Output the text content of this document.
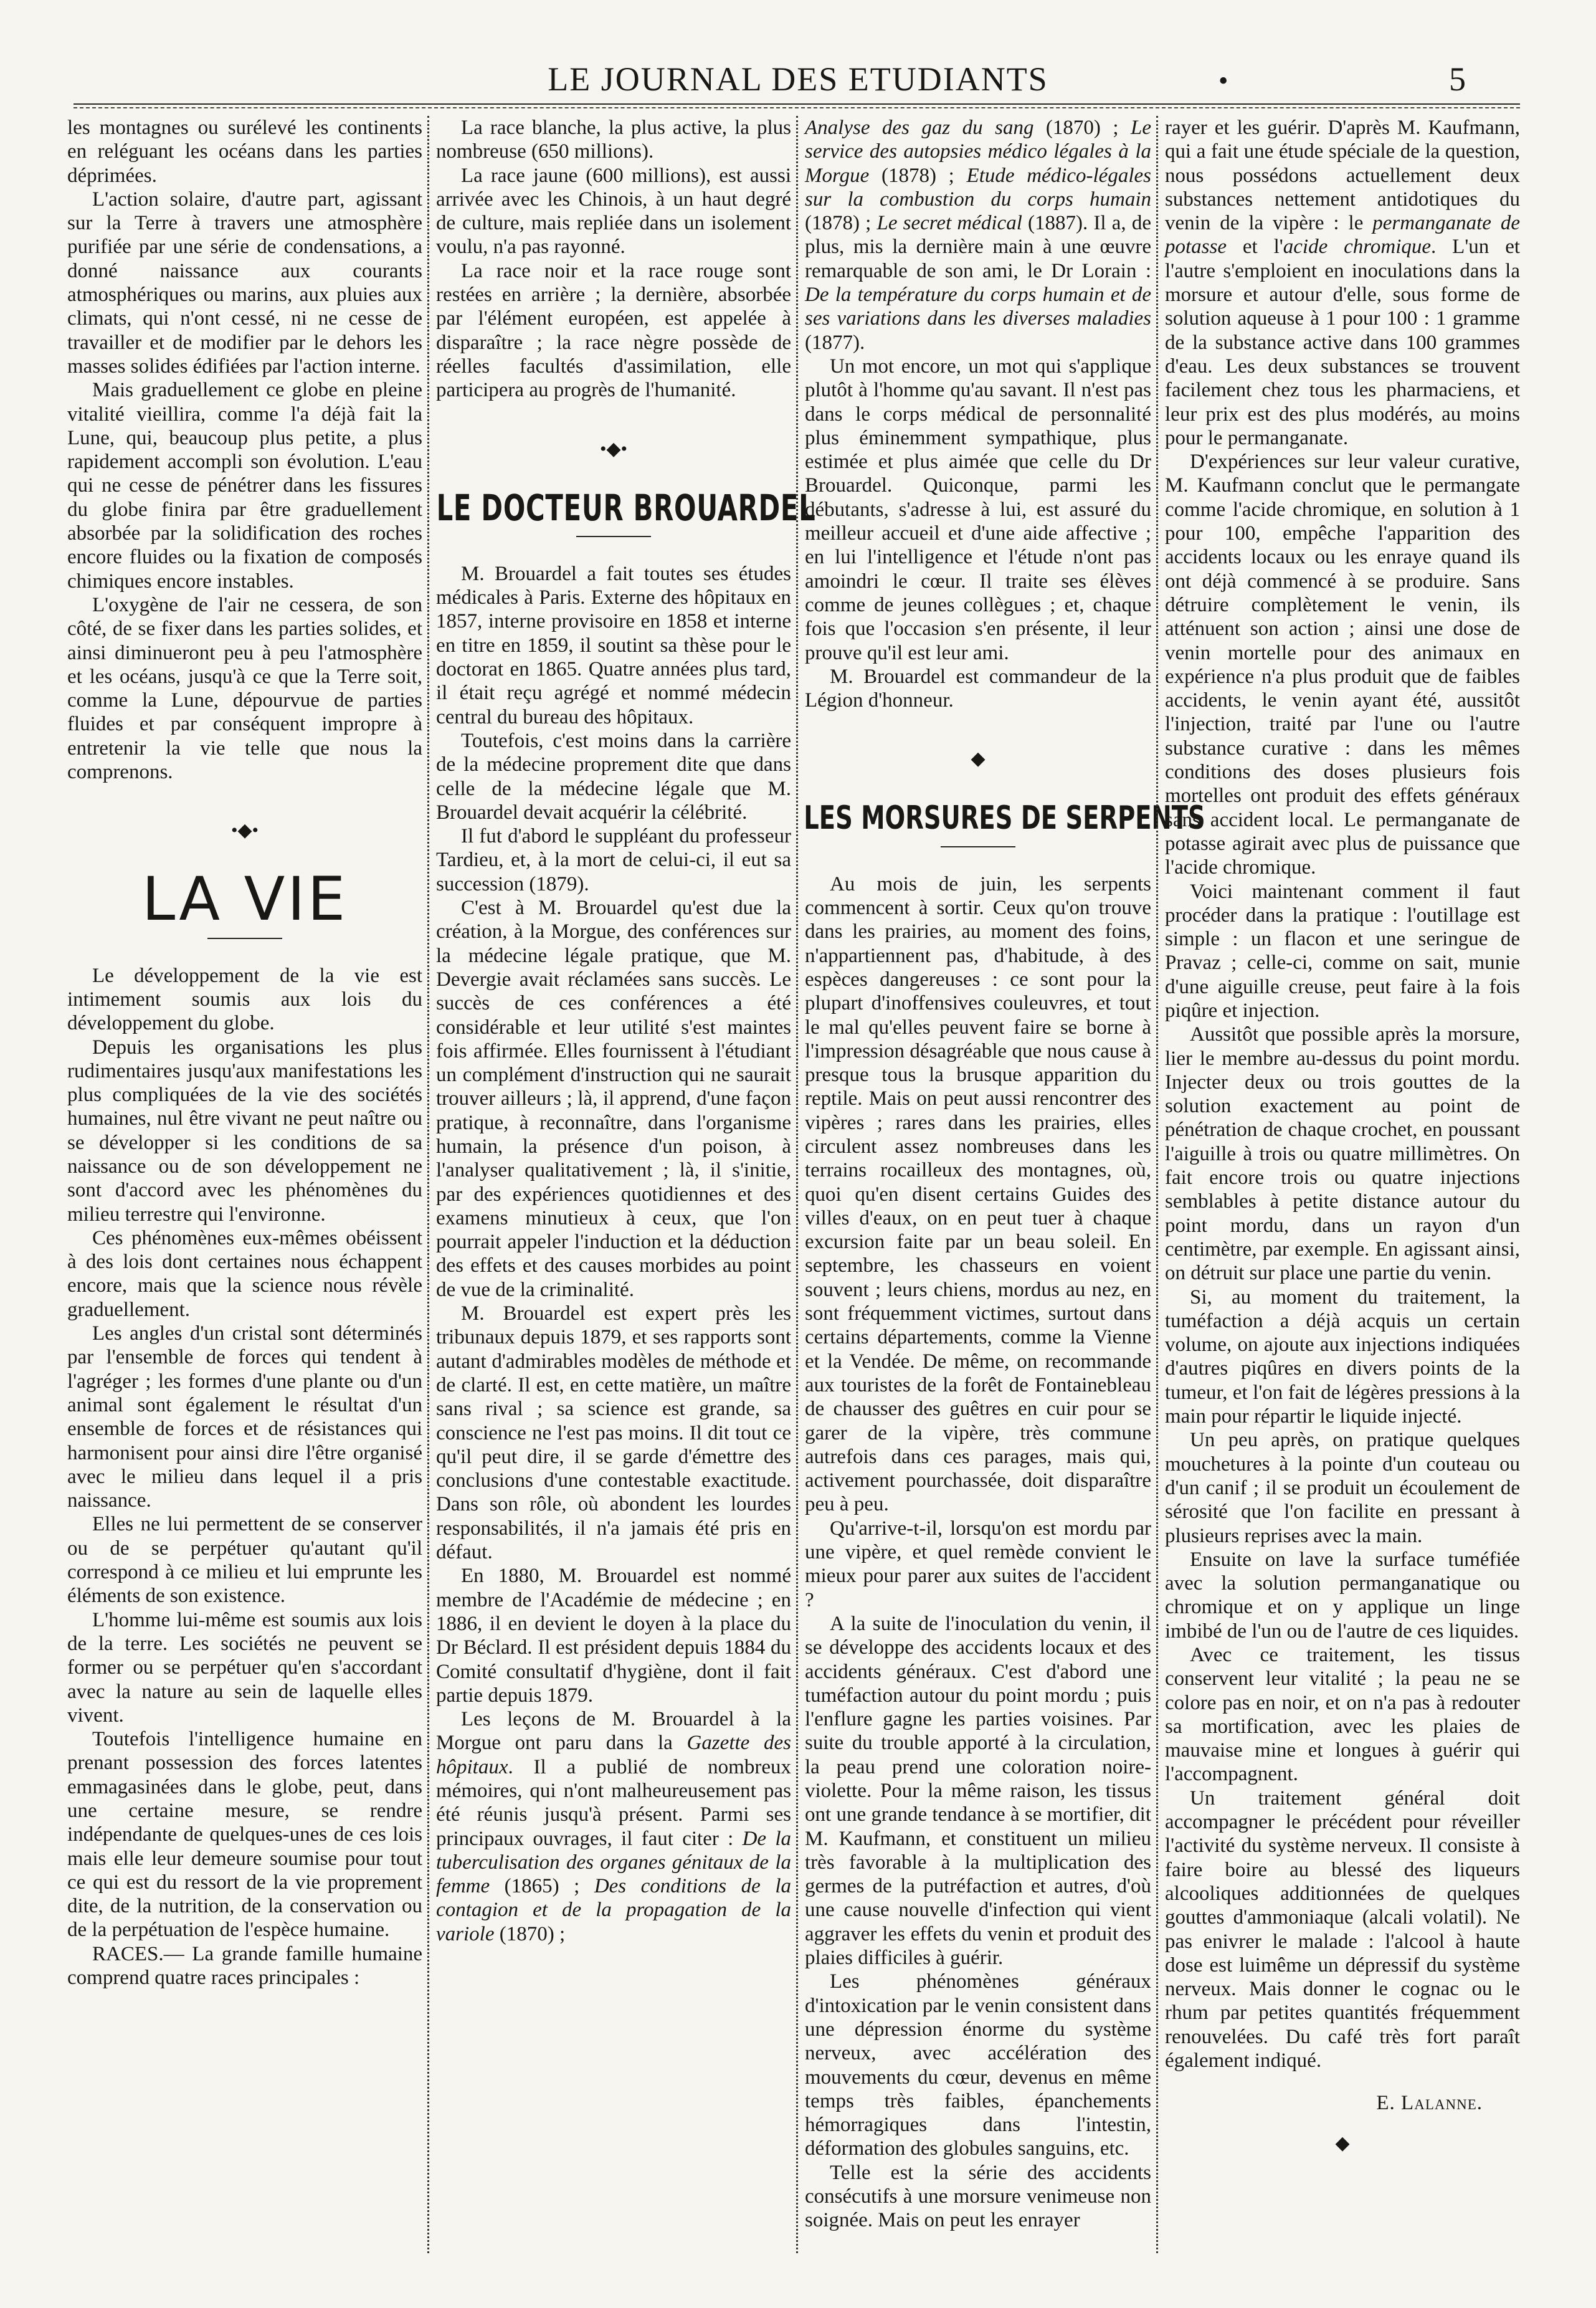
LE JOURNAL DES ETUDIANTS	•	5

les montagnes ou surélevé les continents en reléguant les océans dans les parties déprimées.

L'action solaire, d'autre part, agissant sur la Terre à travers une atmosphère purifiée par une série de condensations, a donné naissance aux courants atmosphériques ou marins, aux pluies aux climats, qui n'ont cessé, ni ne cesse de travailler et de modifier par le dehors les masses solides édifiées par l'action interne.

Mais graduellement ce globe en pleine vitalité vieillira, comme l'a déjà fait la Lune, qui, beaucoup plus petite, a plus rapidement accompli son évolution. L'eau qui ne cesse de pénétrer dans les fissures du globe finira par être graduellement absorbée par la solidification des roches encore fluides ou la fixation de composés chimiques encore instables.

L'oxygène de l'air ne cessera, de son côté, de se fixer dans les parties solides, et ainsi diminueront peu à peu l'atmosphère et les océans, jusqu'à ce que la Terre soit, comme la Lune, dépourvue de parties fluides et par conséquent impropre à entretenir la vie telle que nous la comprenons.

•◆•
LA VIE

Le développement de la vie est intimement soumis aux lois du développement du globe.

Depuis les organisations les plus rudimentaires jusqu'aux manifestations les plus compliquées de la vie des sociétés humaines, nul être vivant ne peut naître ou se développer si les conditions de sa naissance ou de son développement ne sont d'accord avec les phénomènes du milieu terrestre qui l'environne.

Ces phénomènes eux-mêmes obéissent à des lois dont certaines nous échappent encore, mais que la science nous révèle graduellement.

Les angles d'un cristal sont déterminés par l'ensemble de forces qui tendent à l'agréger ; les formes d'une plante ou d'un animal sont également le résultat d'un ensemble de forces et de résistances qui harmonisent pour ainsi dire l'être organisé avec le milieu dans lequel il a pris naissance.

Elles ne lui permettent de se conserver ou de se perpétuer qu'autant qu'il correspond à ce milieu et lui emprunte les éléments de son existence.

L'homme lui-même est soumis aux lois de la terre. Les sociétés ne peuvent se former ou se perpétuer qu'en s'accordant avec la nature au sein de laquelle elles vivent.

Toutefois l'intelligence humaine en prenant possession des forces latentes emmagasinées dans le globe, peut, dans une certaine mesure, se rendre indépendante de quelques-unes de ces lois mais elle leur demeure soumise pour tout ce qui est du ressort de la vie proprement dite, de la nutrition, de la conservation ou de la perpétuation de l'espèce humaine.

RACES.— La grande famille humaine comprend quatre races principales :

La race blanche, la plus active, la plus nombreuse (650 millions).

La race jaune (600 millions), est aussi arrivée avec les Chinois, à un haut degré de culture, mais repliée dans un isolement voulu, n'a pas rayonné.

La race noir et la race rouge sont restées en arrière ; la dernière, absorbée par l'élément européen, est appelée à disparaître ; la race nègre possède de réelles facultés d'assimilation, elle participera au progrès de l'humanité.

•◆•
LE DOCTEUR BROUARDEL

M. Brouardel a fait toutes ses études médicales à Paris. Externe des hôpitaux en 1857, interne provisoire en 1858 et interne en titre en 1859, il soutint sa thèse pour le doctorat en 1865. Quatre années plus tard, il était reçu agrégé et nommé médecin central du bureau des hôpitaux.

Toutefois, c'est moins dans la carrière de la médecine proprement dite que dans celle de la médecine légale que M. Brouardel devait acquérir la célébrité.

Il fut d'abord le suppléant du professeur Tardieu, et, à la mort de celui-ci, il eut sa succession (1879).

C'est à M. Brouardel qu'est due la création, à la Morgue, des conférences sur la médecine légale pratique, que M. Devergie avait réclamées sans succès. Le succès de ces conférences a été considérable et leur utilité s'est maintes fois affirmée. Elles fournissent à l'étudiant un complément d'instruction qui ne saurait trouver ailleurs ; là, il apprend, d'une façon pratique, à reconnaître, dans l'organisme humain, la présence d'un poison, à l'analyser qualitativement ; là, il s'initie, par des expériences quotidiennes et des examens minutieux à ceux, que l'on pourrait appeler l'induction et la déduction des effets et des causes morbides au point de vue de la criminalité.

M. Brouardel est expert près les tribunaux depuis 1879, et ses rapports sont autant d'admirables modèles de méthode et de clarté. Il est, en cette matière, un maître sans rival ; sa science est grande, sa conscience ne l'est pas moins. Il dit tout ce qu'il peut dire, il se garde d'émettre des conclusions d'une contestable exactitude. Dans son rôle, où abondent les lourdes responsabilités, il n'a jamais été pris en défaut.

En 1880, M. Brouardel est nommé membre de l'Académie de médecine ; en 1886, il en devient le doyen à la place du Dr Béclard. Il est président depuis 1884 du Comité consultatif d'hygiène, dont il fait partie depuis 1879.

Les leçons de M. Brouardel à la Morgue ont paru dans la Gazette des hôpitaux. Il a publié de nombreux mémoires, qui n'ont malheureusement pas été réunis jusqu'à présent. Parmi ses principaux ouvrages, il faut citer : De la tuberculisation des organes génitaux de la femme (1865) ; Des conditions de la contagion et de la propagation de la variole (1870) ;

Analyse des gaz du sang (1870) ; Le service des autopsies médico légales à la Morgue (1878) ; Etude médico-légales sur la combustion du corps humain (1878) ; Le secret médical (1887). Il a, de plus, mis la dernière main à une œuvre remarquable de son ami, le Dr Lorain : De la température du corps humain et de ses variations dans les diverses maladies (1877).

Un mot encore, un mot qui s'applique plutôt à l'homme qu'au savant. Il n'est pas dans le corps médical de personnalité plus éminemment sympathique, plus estimée et plus aimée que celle du Dr Brouardel. Quiconque, parmi les débutants, s'adresse à lui, est assuré du meilleur accueil et d'une aide affective ; en lui l'intelligence et l'étude n'ont pas amoindri le cœur. Il traite ses élèves comme de jeunes collègues ; et, chaque fois que l'occasion s'en présente, il leur prouve qu'il est leur ami.

M. Brouardel est commandeur de la Légion d'honneur.

◆
LES MORSURES DE SERPENTS

Au mois de juin, les serpents commencent à sortir. Ceux qu'on trouve dans les prairies, au moment des foins, n'appartiennent pas, d'habitude, à des espèces dangereuses : ce sont pour la plupart d'inoffensives couleuvres, et tout le mal qu'elles peuvent faire se borne à l'impression désagréable que nous cause à presque tous la brusque apparition du reptile. Mais on peut aussi rencontrer des vipères ; rares dans les prairies, elles circulent assez nombreuses dans les terrains rocailleux des montagnes, où, quoi qu'en disent certains Guides des villes d'eaux, on en peut tuer à chaque excursion faite par un beau soleil. En septembre, les chasseurs en voient souvent ; leurs chiens, mordus au nez, en sont fréquemment victimes, surtout dans certains départements, comme la Vienne et la Vendée. De même, on recommande aux touristes de la forêt de Fontainebleau de chausser des guêtres en cuir pour se garer de la vipère, très commune autrefois dans ces parages, mais qui, activement pourchassée, doit disparaître peu à peu.

Qu'arrive-t-il, lorsqu'on est mordu par une vipère, et quel remède convient le mieux pour parer aux suites de l'accident ?

A la suite de l'inoculation du venin, il se développe des accidents locaux et des accidents généraux. C'est d'abord une tuméfaction autour du point mordu ; puis l'enflure gagne les parties voisines. Par suite du trouble apporté à la circulation, la peau prend une coloration noire-violette. Pour la même raison, les tissus ont une grande tendance à se mortifier, dit M. Kaufmann, et constituent un milieu très favorable à la multiplication des germes de la putréfaction et autres, d'où une cause nouvelle d'infection qui vient aggraver les effets du venin et produit des plaies difficiles à guérir.

Les phénomènes généraux d'intoxication par le venin consistent dans une dépression énorme du système nerveux, avec accélération des mouvements du cœur, devenus en même temps très faibles, épanchements hémorragiques dans l'intestin, déformation des globules sanguins, etc.

Telle est la série des accidents consécutifs à une morsure venimeuse non soignée. Mais on peut les enrayer

rayer et les guérir. D'après M. Kaufmann, qui a fait une étude spéciale de la question, nous possédons actuellement deux substances nettement antidotiques du venin de la vipère : le permanganate de potasse et l'acide chromique. L'un et l'autre s'emploient en inoculations dans la morsure et autour d'elle, sous forme de solution aqueuse à 1 pour 100 : 1 gramme de la substance active dans 100 grammes d'eau. Les deux substances se trouvent facilement chez tous les pharmaciens, et leur prix est des plus modérés, au moins pour le permanganate.

D'expériences sur leur valeur curative, M. Kaufmann conclut que le permangate comme l'acide chromique, en solution à 1 pour 100, empêche l'apparition des accidents locaux ou les enraye quand ils ont déjà commencé à se produire. Sans détruire complètement le venin, ils atténuent son action ; ainsi une dose de venin mortelle pour des animaux en expérience n'a plus produit que de faibles accidents, le venin ayant été, aussitôt l'injection, traité par l'une ou l'autre substance curative : dans les mêmes conditions des doses plusieurs fois mortelles ont produit des effets généraux sans accident local. Le permanganate de potasse agirait avec plus de puissance que l'acide chromique.

Voici maintenant comment il faut procéder dans la pratique : l'outillage est simple : un flacon et une seringue de Pravaz ; celle-ci, comme on sait, munie d'une aiguille creuse, peut faire à la fois piqûre et injection.

Aussitôt que possible après la morsure, lier le membre au-dessus du point mordu. Injecter deux ou trois gouttes de la solution exactement au point de pénétration de chaque crochet, en poussant l'aiguille à trois ou quatre millimètres. On fait encore trois ou quatre injections semblables à petite distance autour du point mordu, dans un rayon d'un centimètre, par exemple. En agissant ainsi, on détruit sur place une partie du venin.

Si, au moment du traitement, la tuméfaction a déjà acquis un certain volume, on ajoute aux injections indiquées d'autres piqûres en divers points de la tumeur, et l'on fait de légères pressions à la main pour répartir le liquide injecté.

Un peu après, on pratique quelques mouchetures à la pointe d'un couteau ou d'un canif ; il se produit un écoulement de sérosité que l'on facilite en pressant à plusieurs reprises avec la main.

Ensuite on lave la surface tuméfiée avec la solution permanganatique ou chromique et on y applique un linge imbibé de l'un ou de l'autre de ces liquides.

Avec ce traitement, les tissus conservent leur vitalité ; la peau ne se colore pas en noir, et on n'a pas à redouter sa mortification, avec les plaies de mauvaise mine et longues à guérir qui l'accompagnent.

Un traitement général doit accompagner le précédent pour réveiller l'activité du système nerveux. Il consiste à faire boire au blessé des liqueurs alcooliques additionnées de quelques gouttes d'ammoniaque (alcali volatil). Ne pas enivrer le malade : l'alcool à haute dose est luimême un dépressif du système nerveux. Mais donner le cognac ou le rhum par petites quantités fréquemment renouvelées. Du café très fort paraît également indiqué.

E. Lalanne.
◆
